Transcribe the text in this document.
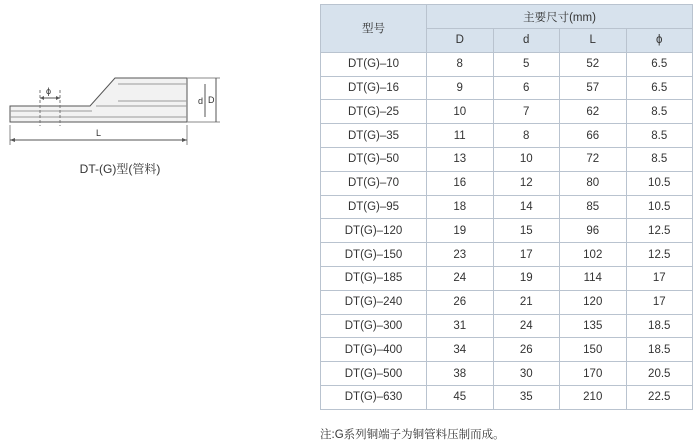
ϕ
d D
L
DT-(G)型(管料)
型号	主要尺寸(mm)			
	D	d	L	ϕ
DT(G)–10	8	5	52	6.5
DT(G)–16	9	6	57	6.5
DT(G)–25	10	7	62	8.5
DT(G)–35	11	8	66	8.5
DT(G)–50	13	10	72	8.5
DT(G)–70	16	12	80	10.5
DT(G)–95	18	14	85	10.5
DT(G)–120	19	15	96	12.5
DT(G)–150	23	17	102	12.5
DT(G)–185	24	19	114	17
DT(G)–240	26	21	120	17
DT(G)–300	31	24	135	18.5
DT(G)–400	34	26	150	18.5
DT(G)–500	38	30	170	20.5
DT(G)–630	45	35	210	22.5
注:G系列铜端子为铜管料压制而成。
